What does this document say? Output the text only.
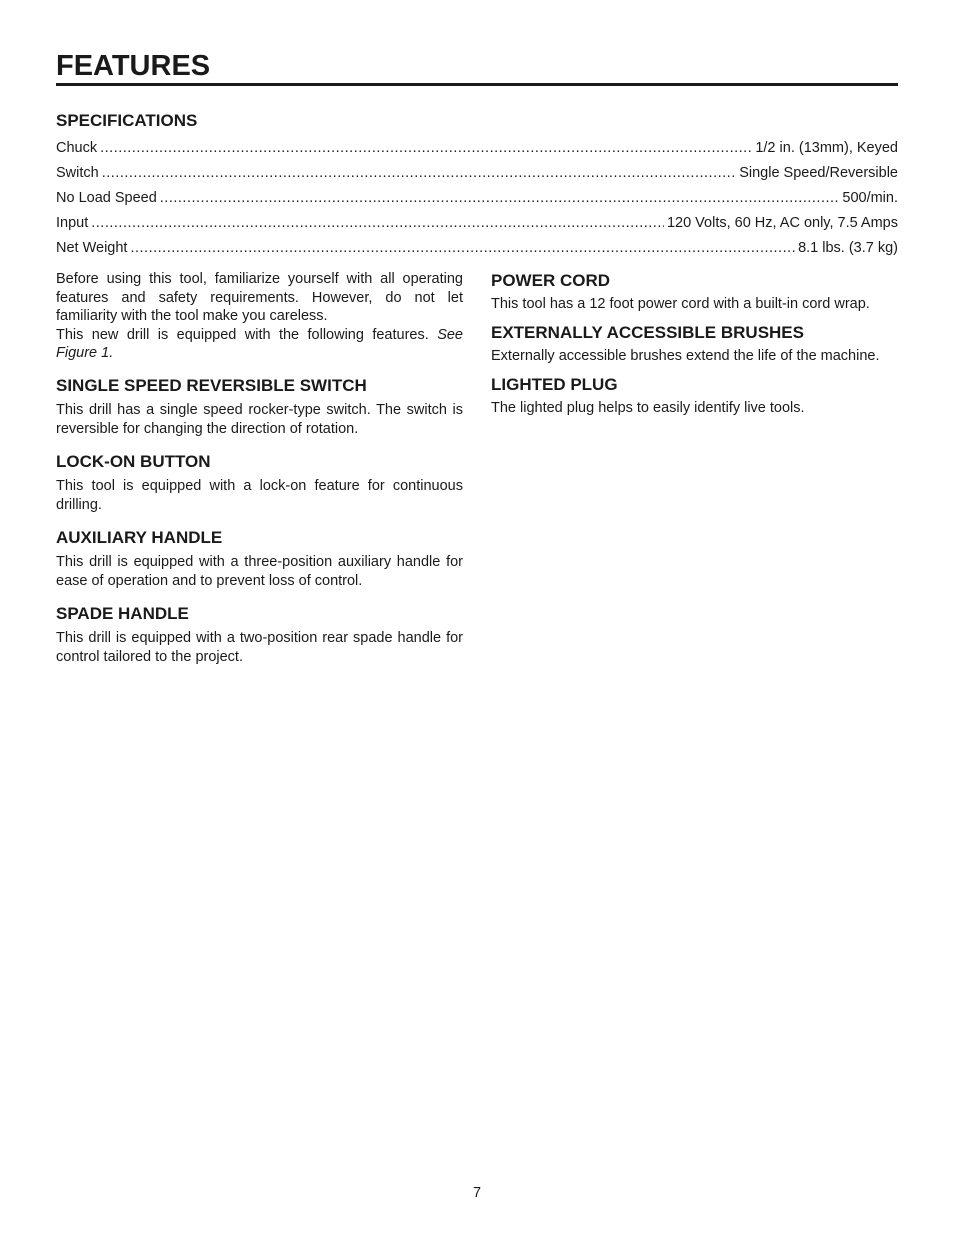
FEATURES
SPECIFICATIONS
Chuck .....	1/2 in. (13mm), Keyed
Switch .....	Single Speed/Reversible
No Load Speed .....	500/min.
Input .....	120 Volts, 60 Hz, AC only, 7.5 Amps
Net Weight .....	8.1 lbs. (3.7 kg)

Before using this tool, familiarize yourself with all operating features and safety requirements. However, do not let familiarity with the tool make you careless.

This new drill is equipped with the following features. See Figure 1.

SINGLE SPEED REVERSIBLE SWITCH

This drill has a single speed rocker-type switch. The switch is reversible for changing the direction of rotation.

LOCK-ON BUTTON

This tool is equipped with a lock-on feature for continuous drilling.

AUXILIARY HANDLE

This drill is equipped with a three-position auxiliary handle for ease of operation and to prevent loss of control.

SPADE HANDLE

This drill is equipped with a two-position rear spade handle for control tailored to the project.

POWER CORD

This tool has a 12 foot power cord with a built-in cord wrap.

EXTERNALLY ACCESSIBLE BRUSHES

Externally accessible brushes extend the life of the machine.

LIGHTED PLUG

The lighted plug helps to easily identify live tools.

7
